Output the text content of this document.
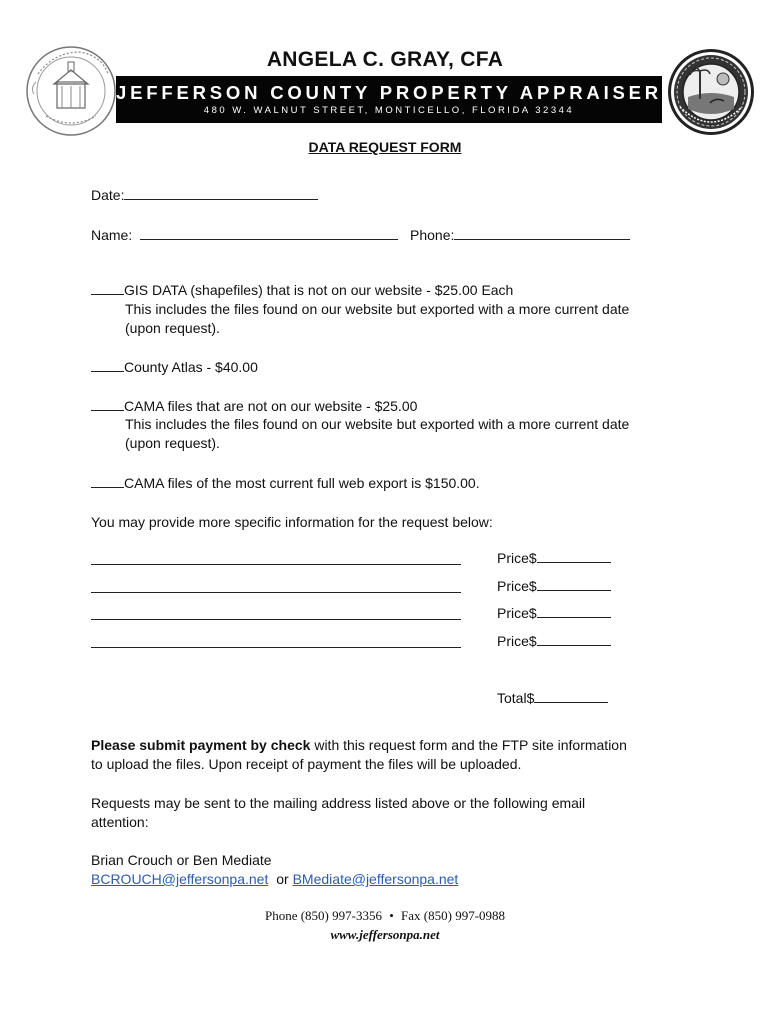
ANGELA C. GRAY, CFA
JEFFERSON COUNTY PROPERTY APPRAISER
480 W. WALNUT STREET, MONTICELLO, FLORIDA 32344
DATA REQUEST FORM
Date:
Name:	Phone:
GIS DATA (shapefiles) that is not on our website - $25.00 Each
This includes the files found on our website but exported with a more current date
(upon request).
County Atlas - $40.00
CAMA files that are not on our website - $25.00
This includes the files found on our website but exported with a more current date
(upon request).
CAMA files of the most current full web export is $150.00.
You may provide more specific information for the request below:
Price$
Price$
Price$
Price$
Total$
Please submit payment by check with this request form and the FTP site information
to upload the files. Upon receipt of payment the files will be uploaded.
Requests may be sent to the mailing address listed above or the following email
attention:
Brian Crouch or Ben Mediate
BCROUCH@jeffersonpa.net or BMediate@jeffersonpa.net
Phone (850) 997-3356 • Fax (850) 997-0988
www.jeffersonpa.net
